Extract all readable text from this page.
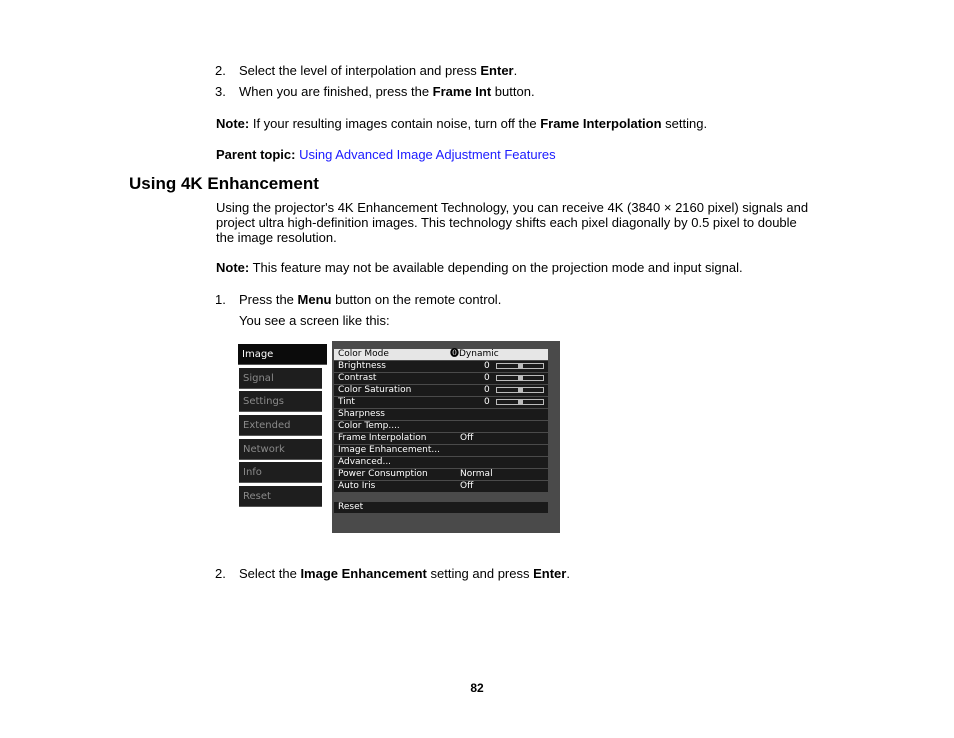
2. Select the level of interpolation and press Enter.
3. When you are finished, press the Frame Int button.
Note: If your resulting images contain noise, turn off the Frame Interpolation setting.
Parent topic: Using Advanced Image Adjustment Features
Using 4K Enhancement
Using the projector's 4K Enhancement Technology, you can receive 4K (3840 × 2160 pixel) signals and
project ultra high-definition images. This technology shifts each pixel diagonally by 0.5 pixel to double
the image resolution.
Note: This feature may not be available depending on the projection mode and input signal.
1. Press the Menu button on the remote control.
You see a screen like this:
Image
Signal
Settings
Extended
Network
Info
Reset
Color Mode	⓿Dynamic
Brightness	0
Contrast	0
Color Saturation	0
Tint	0
Sharpness
Color Temp....
Frame Interpolation	Off
Image Enhancement...
Advanced...
Power Consumption	Normal
Auto Iris	Off
Reset
2. Select the Image Enhancement setting and press Enter.
82
